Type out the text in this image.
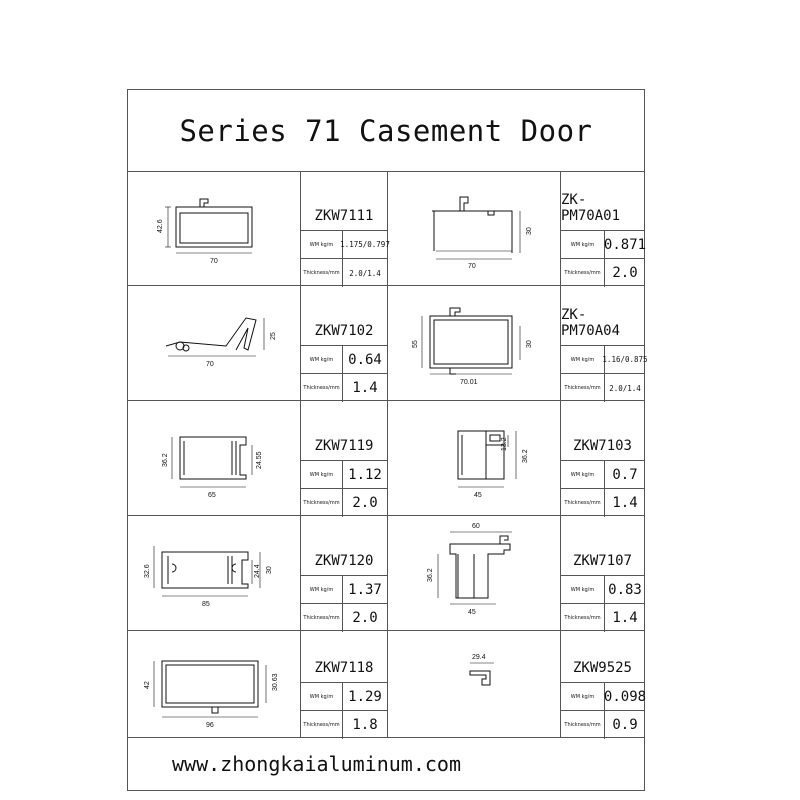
Series 71 Casement Door
42.6
70
ZKW7111
WM kg/m 1.175/0.797
Thickness/mm	2.0/1.4
70
30
ZK-PM70A01
WM kg/m 0.871
Thickness/mm 2.0
70
25	ZKW7102
WM kg/m	0.64
Thickness/mm 1.4
55	30
70.01
ZK-PM70A04
WM kg/m	1.16/0.875
Thickness/mm	2.0/1.4
36.2	24.55
65
ZKW7119
WM kg/m	1.12
Thickness/mm 2.0
13.2
36.2
45
ZKW7103
WM kg/m	0.7
Thickness/mm 1.4
32.6	24.4 30
85
ZKW7120
WM kg/m	1.37
Thickness/mm 2.0
60
36.2
45
ZKW7107
WM kg/m 0.83
Thickness/mm 1.4
42	30.63
96
ZKW7118
WM kg/m	1.29
Thickness/mm 1.8
29.4
ZKW9525
WM kg/m 0.098
Thickness/mm 0.9
www.zhongkaialuminum.com
